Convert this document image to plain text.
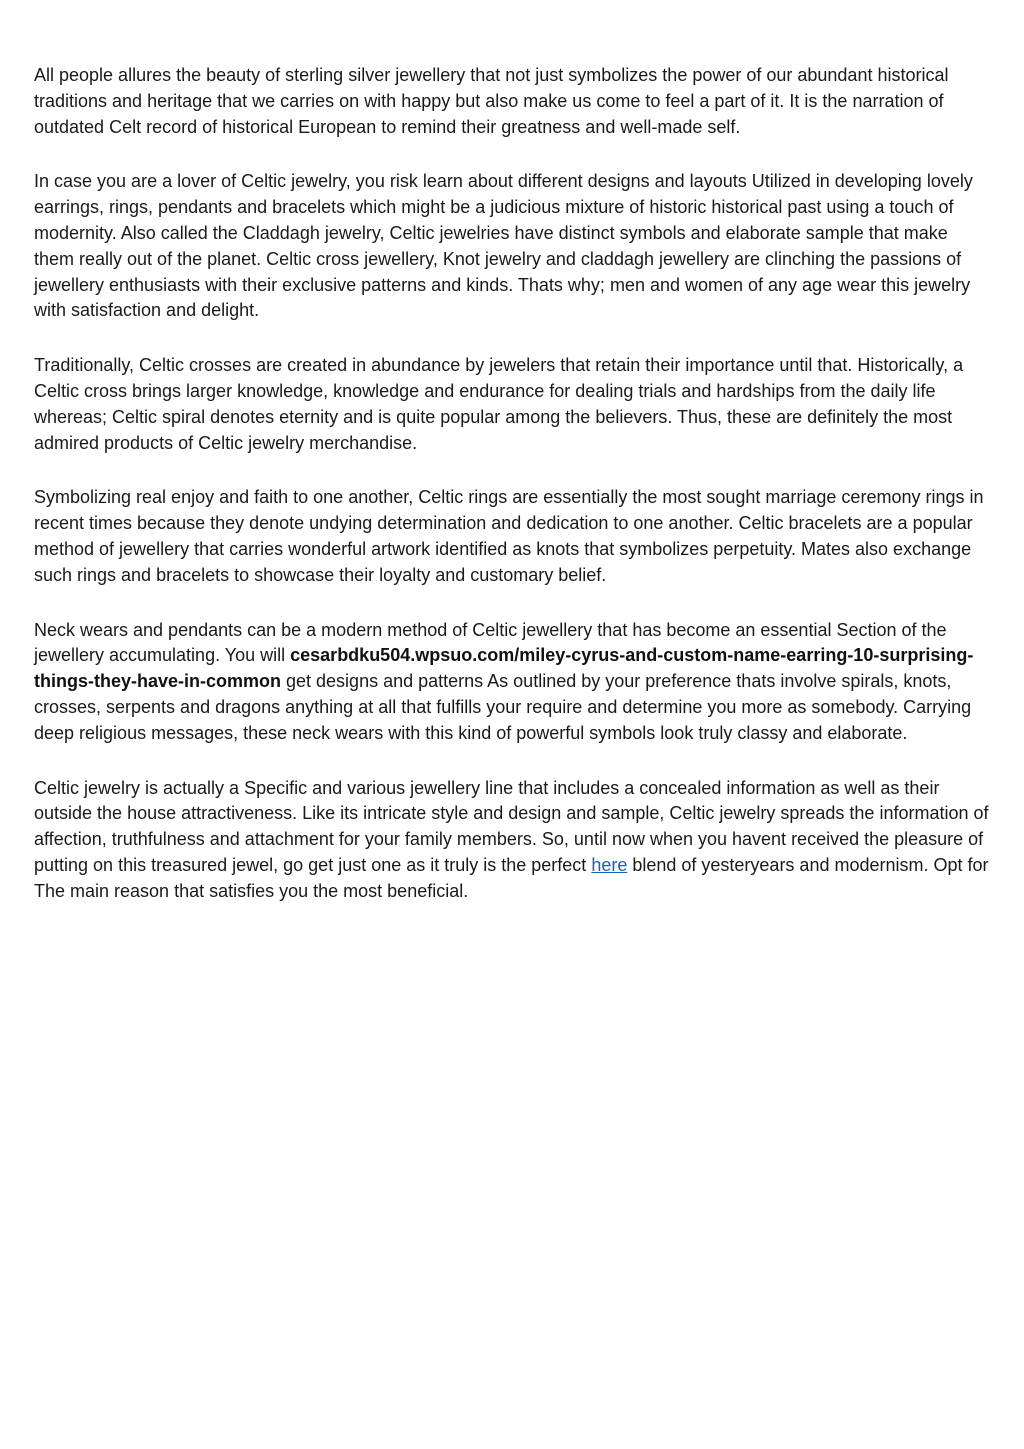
All people allures the beauty of sterling silver jewellery that not just symbolizes the power of our abundant historical traditions and heritage that we carries on with happy but also make us come to feel a part of it. It is the narration of outdated Celt record of historical European to remind their greatness and well-made self.

In case you are a lover of Celtic jewelry, you risk learn about different designs and layouts Utilized in developing lovely earrings, rings, pendants and bracelets which might be a judicious mixture of historic historical past using a touch of modernity. Also called the Claddagh jewelry, Celtic jewelries have distinct symbols and elaborate sample that make them really out of the planet. Celtic cross jewellery, Knot jewelry and claddagh jewellery are clinching the passions of jewellery enthusiasts with their exclusive patterns and kinds. Thats why; men and women of any age wear this jewelry with satisfaction and delight.

Traditionally, Celtic crosses are created in abundance by jewelers that retain their importance until that. Historically, a Celtic cross brings larger knowledge, knowledge and endurance for dealing trials and hardships from the daily life whereas; Celtic spiral denotes eternity and is quite popular among the believers. Thus, these are definitely the most admired products of Celtic jewelry merchandise.

Symbolizing real enjoy and faith to one another, Celtic rings are essentially the most sought marriage ceremony rings in recent times because they denote undying determination and dedication to one another. Celtic bracelets are a popular method of jewellery that carries wonderful artwork identified as knots that symbolizes perpetuity. Mates also exchange such rings and bracelets to showcase their loyalty and customary belief.

Neck wears and pendants can be a modern method of Celtic jewellery that has become an essential Section of the jewellery accumulating. You will cesarbdku504.wpsuo.com/miley-cyrus-and-custom-name-earring-10-surprising-things-they-have-in-common get designs and patterns As outlined by your preference thats involve spirals, knots, crosses, serpents and dragons anything at all that fulfills your require and determine you more as somebody. Carrying deep religious messages, these neck wears with this kind of powerful symbols look truly classy and elaborate.

Celtic jewelry is actually a Specific and various jewellery line that includes a concealed information as well as their outside the house attractiveness. Like its intricate style and design and sample, Celtic jewelry spreads the information of affection, truthfulness and attachment for your family members. So, until now when you havent received the pleasure of putting on this treasured jewel, go get just one as it truly is the perfect here blend of yesteryears and modernism. Opt for The main reason that satisfies you the most beneficial.
